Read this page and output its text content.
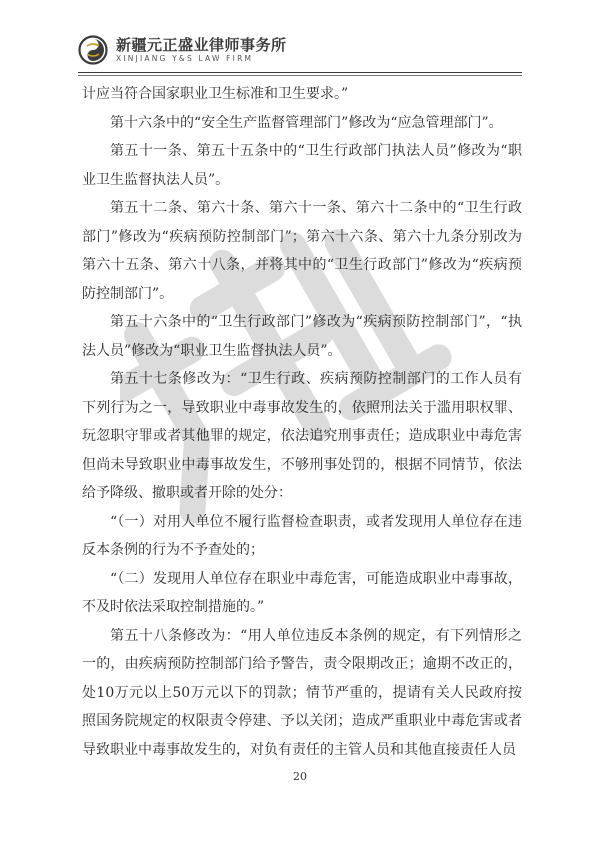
新疆元正盛业律师事务所
XINJIANG Y&S LAW FIRM

计应当符合国家职业卫生标准和卫生要求。”

第十六条中的“安全生产监督管理部门”修改为“应急管理部门”。

第五十一条、第五十五条中的“卫生行政部门执法人员”修改为“职业卫生监督执法人员”。

第五十二条、第六十条、第六十一条、第六十二条中的“卫生行政部门”修改为“疾病预防控制部门”；第六十六条、第六十九条分别改为第六十五条、第六十八条，并将其中的“卫生行政部门”修改为“疾病预防控制部门”。

第五十六条中的“卫生行政部门”修改为“疾病预防控制部门”，“执法人员”修改为“职业卫生监督执法人员”。

第五十七条修改为：“卫生行政、疾病预防控制部门的工作人员有下列行为之一，导致职业中毒事故发生的，依照刑法关于滥用职权罪、玩忽职守罪或者其他罪的规定，依法追究刑事责任；造成职业中毒危害但尚未导致职业中毒事故发生，不够刑事处罚的，根据不同情节，依法给予降级、撤职或者开除的处分：

“（一）对用人单位不履行监督检查职责，或者发现用人单位存在违反本条例的行为不予查处的；

“（二）发现用人单位存在职业中毒危害，可能造成职业中毒事故，不及时依法采取控制措施的。”

第五十八条修改为：“用人单位违反本条例的规定，有下列情形之一的，由疾病预防控制部门给予警告，责令限期改正；逾期不改正的，处10万元以上50万元以下的罚款；情节严重的，提请有关人民政府按照国务院规定的权限责令停建、予以关闭；造成严重职业中毒危害或者导致职业中毒事故发生的，对负有责任的主管人员和其他直接责任人员

20
